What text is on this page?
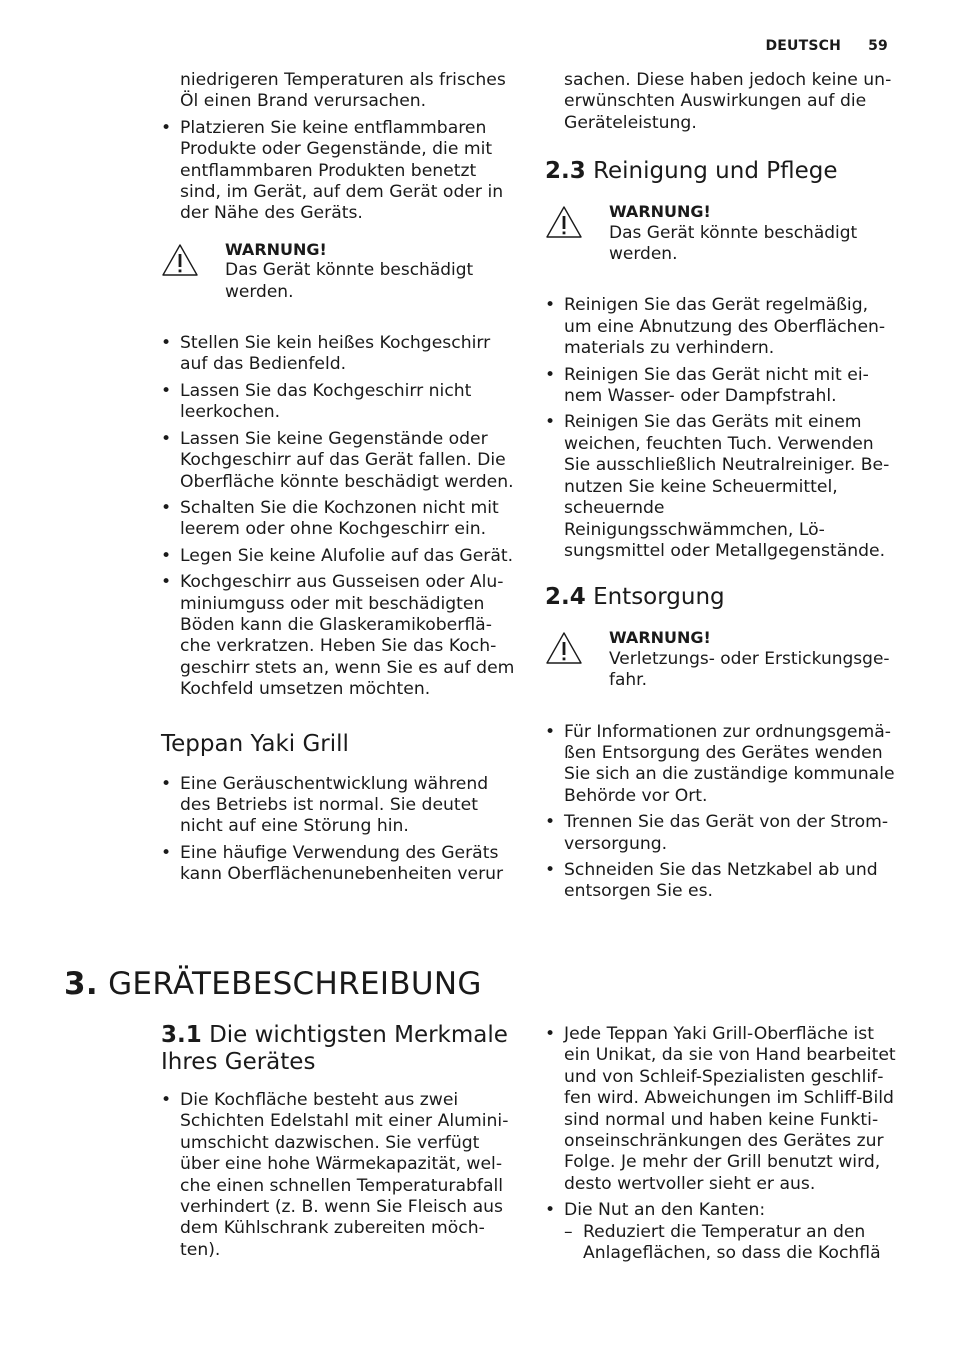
DEUTSCH 59

niedrigeren Temperaturen als frisches Öl einen Brand verursachen.

• Platzieren Sie keine entflammbaren Produkte oder Gegenstände, die mit entflammbaren Produkten benetzt sind, im Gerät, auf dem Gerät oder in der Nähe des Geräts.
WARNUNG!
Das Gerät könnte beschädigt werden.
• Stellen Sie kein heißes Kochgeschirr auf das Bedienfeld.
• Lassen Sie das Kochgeschirr nicht leerkochen.
• Lassen Sie keine Gegenstände oder Kochgeschirr auf das Gerät fallen. Die Oberfläche könnte beschädigt werden.
• Schalten Sie die Kochzonen nicht mit leerem oder ohne Kochgeschirr ein.
• Legen Sie keine Alufolie auf das Gerät.
• Kochgeschirr aus Gusseisen oder Aluminiumguss oder mit beschädigten Böden kann die Glaskeramikoberfläche verkratzen. Heben Sie das Kochgeschirr stets an, wenn Sie es auf dem Kochfeld umsetzen möchten.
Teppan Yaki Grill
• Eine Geräuschentwicklung während des Betriebs ist normal. Sie deutet nicht auf eine Störung hin.
• Eine häufige Verwendung des Geräts kann Oberflächenunebenheiten verur

sachen. Diese haben jedoch keine unerwünschten Auswirkungen auf die Geräteleistung.

2.3 Reinigung und Pflege
WARNUNG!
Das Gerät könnte beschädigt werden.
• Reinigen Sie das Gerät regelmäßig, um eine Abnutzung des Oberflächenmaterials zu verhindern.
• Reinigen Sie das Gerät nicht mit einem Wasser- oder Dampfstrahl.
• Reinigen Sie das Geräts mit einem weichen, feuchten Tuch. Verwenden Sie ausschließlich Neutralreiniger. Benutzen Sie keine Scheuermittel, scheuernde Reinigungsschwämmchen, Lösungsmittel oder Metallgegenstände.
2.4 Entsorgung
WARNUNG!
Verletzungs- oder Erstickungsgefahr.
• Für Informationen zur ordnungsgemäßen Entsorgung des Gerätes wenden Sie sich an die zuständige kommunale Behörde vor Ort.
• Trennen Sie das Gerät von der Stromversorgung.
• Schneiden Sie das Netzkabel ab und entsorgen Sie es.
3. GERÄTEBESCHREIBUNG
3.1 Die wichtigsten Merkmale Ihres Gerätes
• Die Kochfläche besteht aus zwei Schichten Edelstahl mit einer Aluminiumschicht dazwischen. Sie verfügt über eine hohe Wärmekapazität, welche einen schnellen Temperaturabfall verhindert (z. B. wenn Sie Fleisch aus dem Kühlschrank zubereiten möchten).
• Jede Teppan Yaki Grill-Oberfläche ist ein Unikat, da sie von Hand bearbeitet und von Schleif-Spezialisten geschliffen wird. Abweichungen im Schliff-Bild sind normal und haben keine Funktionseinschränkungen des Gerätes zur Folge. Je mehr der Grill benutzt wird, desto wertvoller sieht er aus.
• Die Nut an den Kanten:
– Reduziert die Temperatur an den Anlageflächen, so dass die Kochflä
